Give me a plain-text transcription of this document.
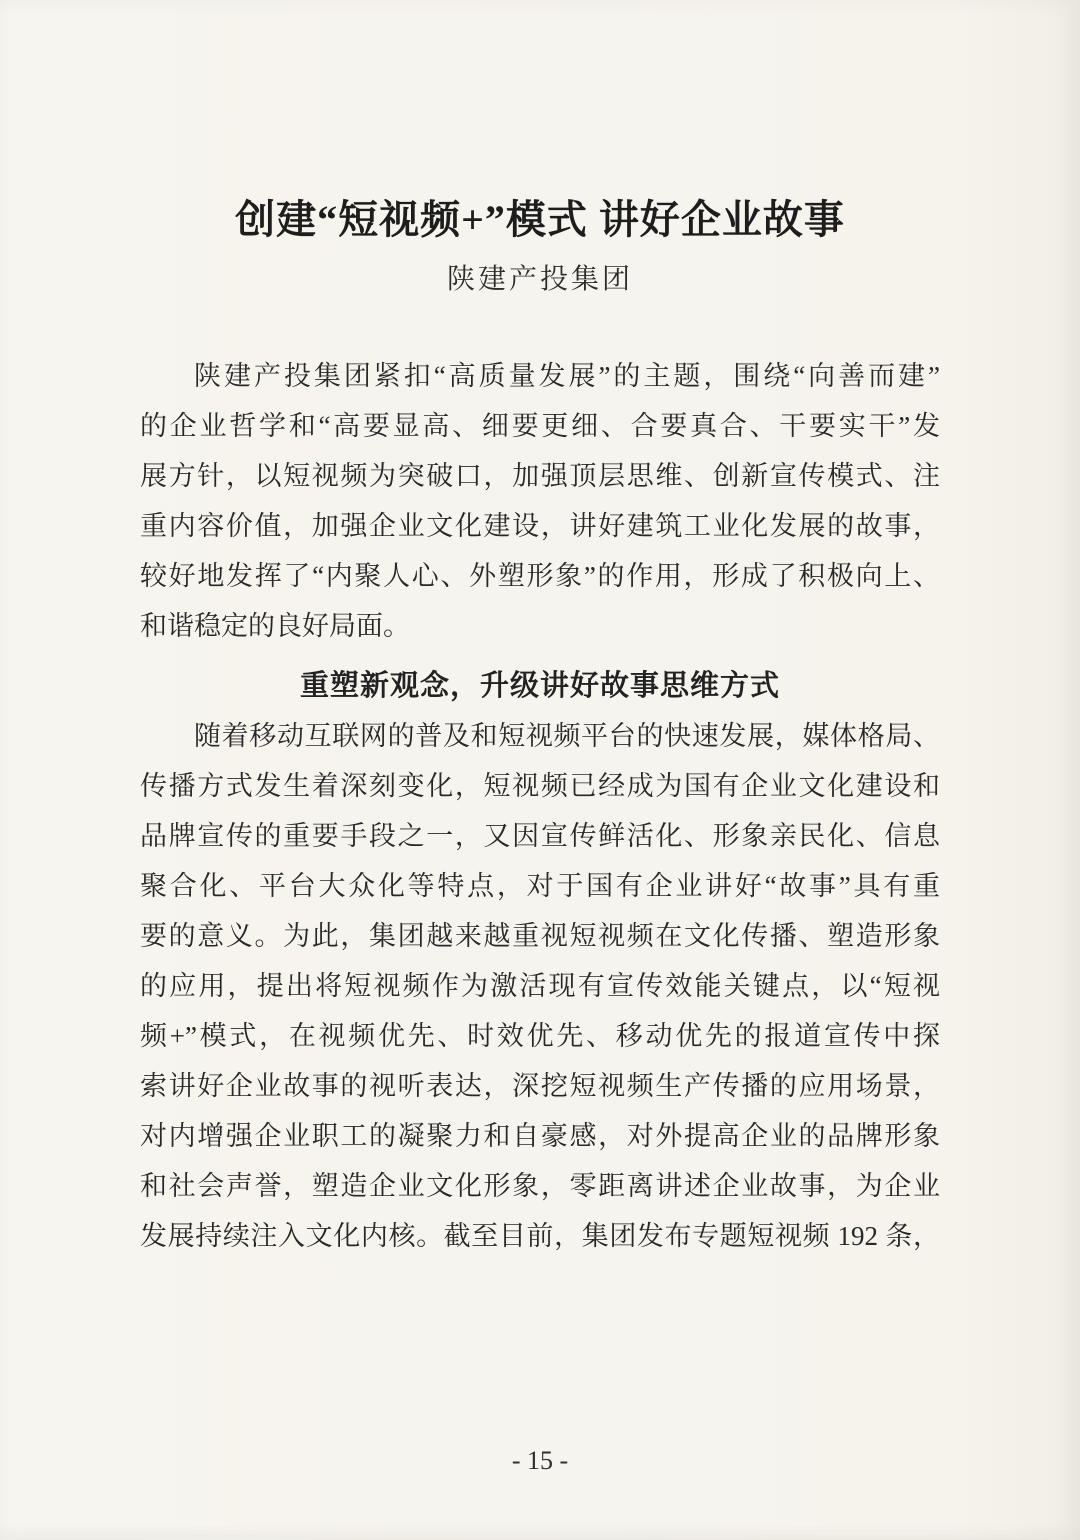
创建“短视频+”模式 讲好企业故事
陕建产投集团
陕建产投集团紧扣“高质量发展”的主题，围绕“向善而建”
的企业哲学和“高要显高、细要更细、合要真合、干要实干”发
展方针，以短视频为突破口，加强顶层思维、创新宣传模式、注
重内容价值，加强企业文化建设，讲好建筑工业化发展的故事，
较好地发挥了“内聚人心、外塑形象”的作用，形成了积极向上、
和谐稳定的良好局面。
重塑新观念，升级讲好故事思维方式
随着移动互联网的普及和短视频平台的快速发展，媒体格局、
传播方式发生着深刻变化，短视频已经成为国有企业文化建设和
品牌宣传的重要手段之一，又因宣传鲜活化、形象亲民化、信息
聚合化、平台大众化等特点，对于国有企业讲好“故事”具有重
要的意义。为此，集团越来越重视短视频在文化传播、塑造形象
的应用，提出将短视频作为激活现有宣传效能关键点，以“短视
频+”模式，在视频优先、时效优先、移动优先的报道宣传中探
索讲好企业故事的视听表达，深挖短视频生产传播的应用场景，
对内增强企业职工的凝聚力和自豪感，对外提高企业的品牌形象
和社会声誉，塑造企业文化形象，零距离讲述企业故事，为企业
发展持续注入文化内核。截至目前，集团发布专题短视频 192 条，
- 15 -
